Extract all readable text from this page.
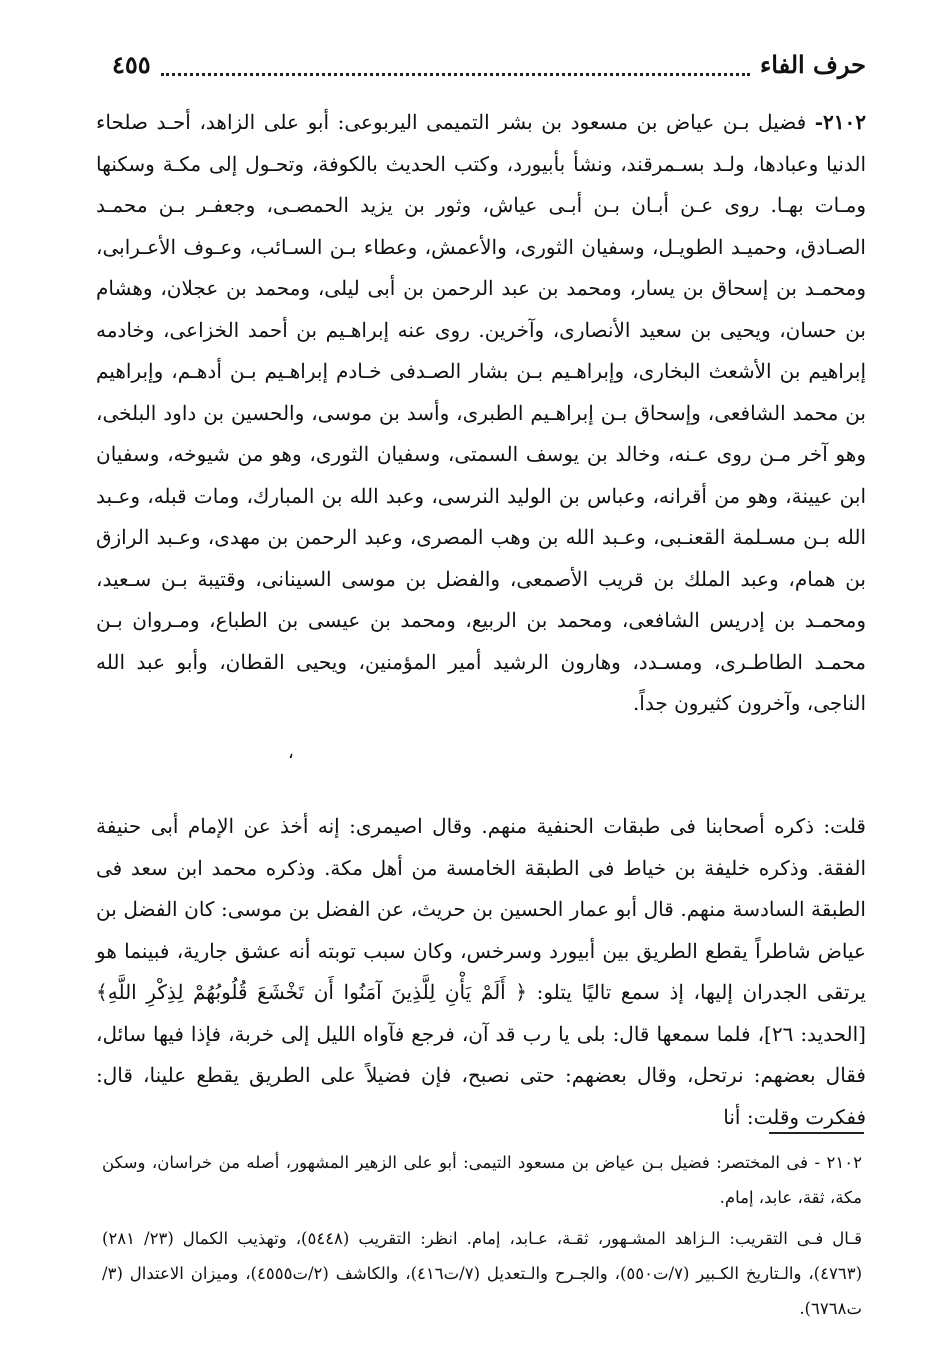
حرف الفاء
٤٥٥
٢١٠٢- فضيل بـن عياض بن مسعود بن بشر التميمى اليربوعى: أبو على الزاهد، أحـد صلحاء الدنيا وعبادها، ولـد بسـمرقند، ونشأ بأبيورد، وكتب الحديث بالكوفة، وتحـول إلى مكـة وسكنها ومـات بهـا. روى عـن أبـان بـن أبـى عياش، وثور بن يزيد الحمصـى، وجعفـر بـن محمـد الصـادق، وحميـد الطويـل، وسفيان الثورى، والأعمش، وعطاء بـن السـائب، وعـوف الأعـرابى، ومحمـد بن إسحاق بن يسار، ومحمد بن عبد الرحمن بن أبى ليلى، ومحمد بن عجلان، وهشام بن حسان، ويحيى بن سعيد الأنصارى، وآخرين. روى عنه إبراهـيم بن أحمد الخزاعى، وخادمه إبراهيم بن الأشعث البخارى، وإبراهـيم بـن بشار الصـدفى خـادم إبراهـيم بـن أدهـم، وإبراهيم بن محمد الشافعى، وإسحاق بـن إبراهـيم الطبرى، وأسد بن موسى، والحسين بن داود البلخى، وهو آخر مـن روى عـنه، وخالد بن يوسف السمتى، وسفيان الثورى، وهو من شيوخه، وسفيان ابن عيينة، وهو من أقرانه، وعباس بن الوليد النرسى، وعبد الله بن المبارك، ومات قبله، وعـبد الله بـن مسـلمة القعنـبى، وعـبد الله بن وهب المصرى، وعبد الرحمن بن مهدى، وعـبد الرازق بن همام، وعبد الملك بن قريب الأصمعى، والفضل بن موسى السينانى، وقتيبة بـن سـعيد، ومحمـد بن إدريس الشافعى، ومحمد بن الربيع، ومحمد بن عيسى بن الطباع، ومـروان بـن محمـد الطاطـرى، ومسـدد، وهارون الرشيد أمير المؤمنين، ويحيى القطان، وأبو عبد الله الناجى، وآخرون كثيرون جداً.
،
قلت: ذكره أصحابنا فى طبقات الحنفية منهم. وقال اصيمرى: إنه أخذ عن الإمام أبى حنيفة الفقة. وذكره خليفة بن خياط فى الطبقة الخامسة من أهل مكة. وذكره محمد ابن سعد فى الطبقة السادسة منهم. قال أبو عمار الحسين بن حريث، عن الفضل بن موسى: كان الفضل بن عياض شاطراً يقطع الطريق بين أبيورد وسرخس، وكان سبب توبته أنه عشق جارية، فبينما هو يرتقى الجدران إليها، إذ سمع تاليًا يتلو: ﴿ أَلَمْ يَأْنِ لِلَّذِينَ آمَنُوا أَن تَخْشَعَ قُلُوبُهُمْ لِذِكْرِ اللَّهِ﴾ [الحديد: ٢٦]، فلما سمعها قال: بلى يا رب قد آن، فرجع فآواه الليل إلى خربة، فإذا فيها سائل، فقال بعضهم: نرتحل، وقال بعضهم: حتى نصبح، فإن فضيلاً على الطريق يقطع علينا، قال: ففكرت وقلت: أنا

٢١٠٢ - فى المختصر: فضيل بـن عياض بن مسعود التيمى: أبو على الزهير المشهور، أصله من خراسان، وسكن مكة، ثقة، عابد، إمام.

قـال فـى التقريب: الـزاهد المشـهور، ثقـة، عـابد، إمام. انظر: التقريب (٥٤٤٨)، وتهذيب الكمال (٢٣/ ٢٨١) (٤٧٦٣)، والـتاريخ الكـبير (٧/ت٥٥٠)، والجـرح والـتعديل (٧/ت٤١٦)، والكاشف (٢/ت٤٥٥٥)، وميزان الاعتدال (٣/ ت٦٧٦٨).
